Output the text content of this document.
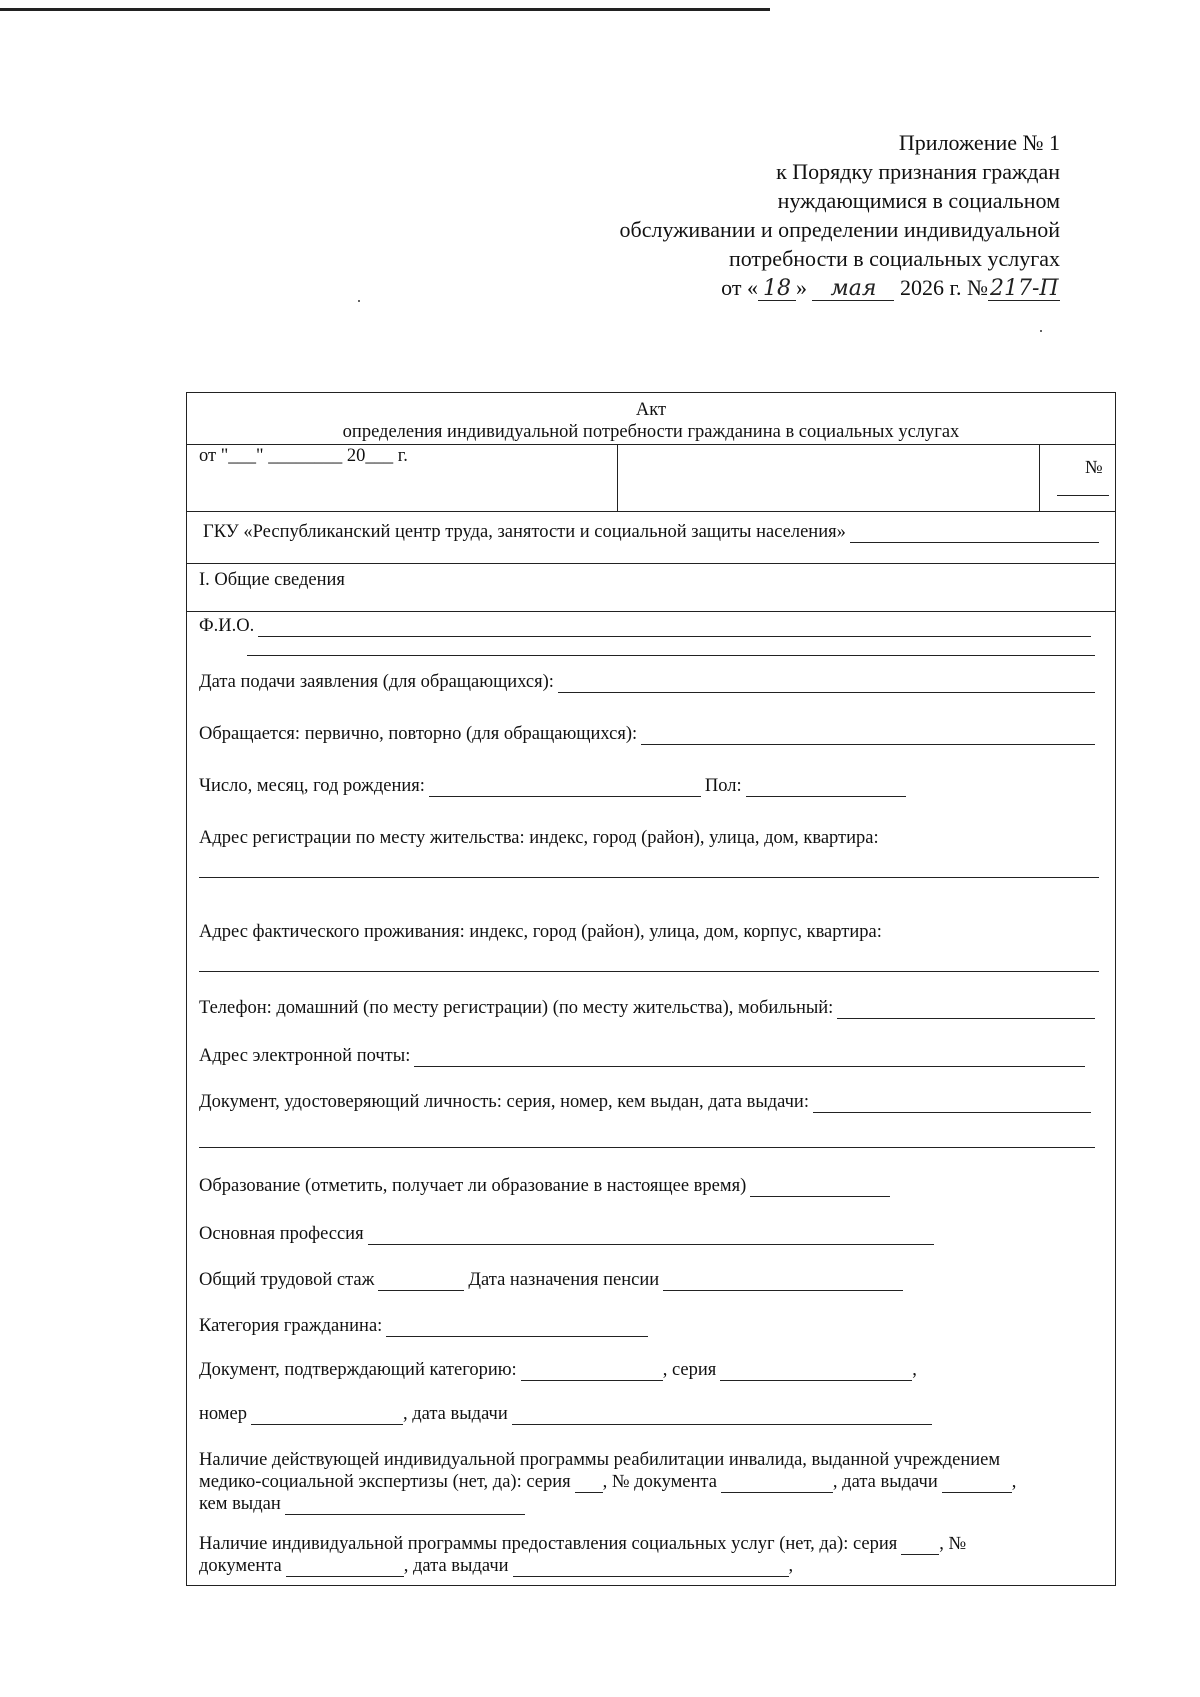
Приложение № 1
к Порядку признания граждан
нуждающимися в социальном
обслуживании и определении индивидуальной
потребности в социальных услугах
от « 18 » мая 2026 г. №217-П
Акт
определения индивидуальной потребности гражданина в социальных услугах
от "___" ________ 20___ г.
№
ГКУ «Республиканский центр труда, занятости и социальной защиты населения»
I. Общие сведения
Ф.И.О.
Дата подачи заявления (для обращающихся):
Обращается: первично, повторно (для обращающихся):
Число, месяц, год рождения:	Пол:
Адрес регистрации по месту жительства: индекс, город (район), улица, дом, квартира:
Адрес фактического проживания: индекс, город (район), улица, дом, корпус, квартира:
Телефон: домашний (по месту регистрации) (по месту жительства), мобильный:
Адрес электронной почты:
Документ, удостоверяющий личность: серия, номер, кем выдан, дата выдачи:
Образование (отметить, получает ли образование в настоящее время)
Основная профессия
Общий трудовой стаж	Дата назначения пенсии
Категория гражданина:
Документ, подтверждающий категорию:	, серия	,
номер	, дата выдачи
Наличие действующей индивидуальной программы реабилитации инвалида, выданной учреждением
медико-социальной экспертизы (нет, да): серия , № документа	, дата выдачи	,
кем выдан
Наличие индивидуальной программы предоставления социальных услуг (нет, да): серия , №
документа	, дата выдачи	,
